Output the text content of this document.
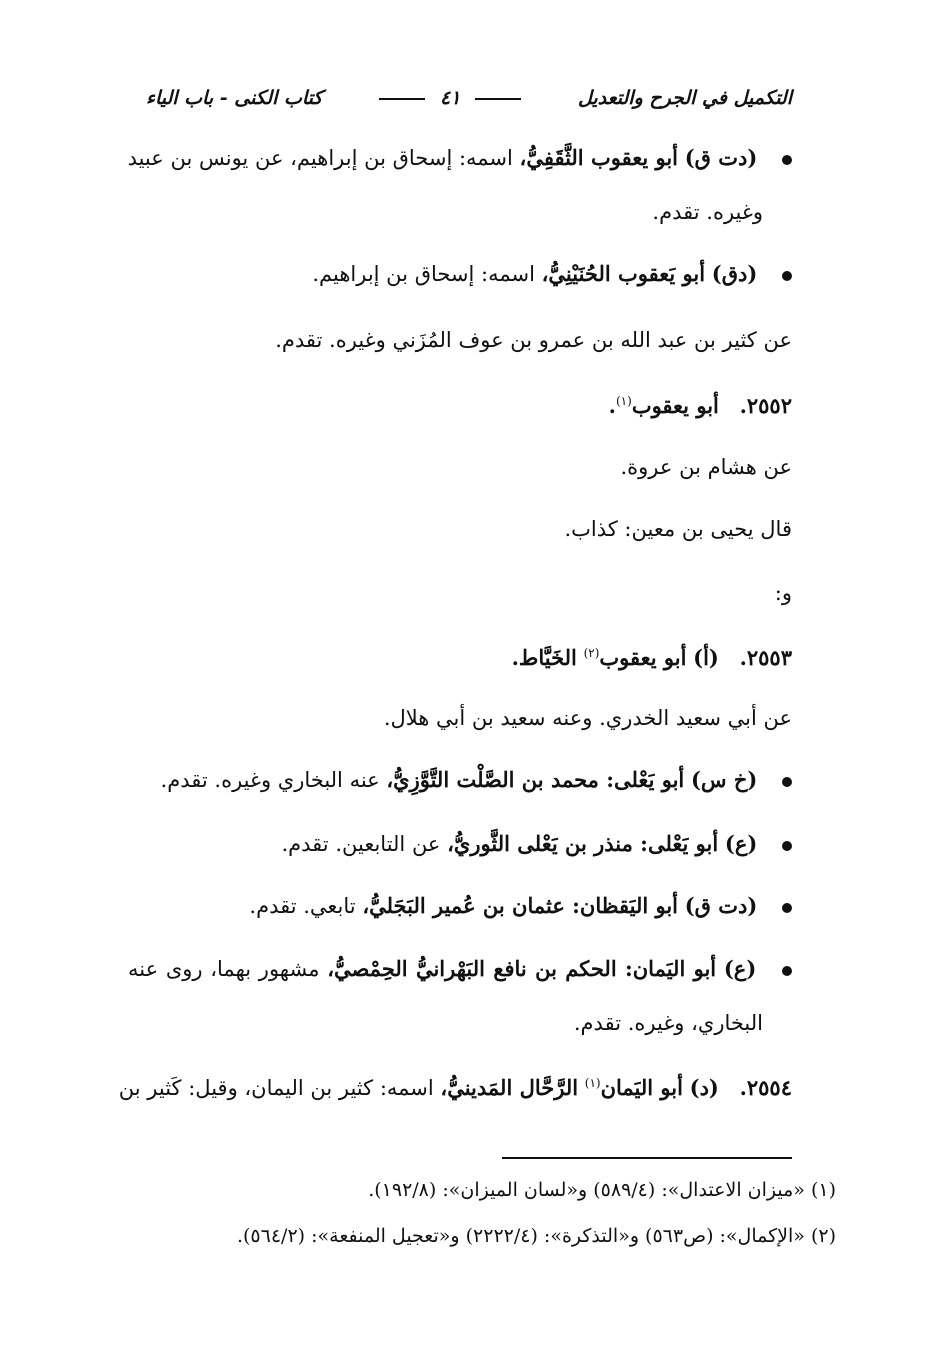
التكميل في الجرح والتعديل
٤١
كتاب الكنى - باب الياء
(دت ق) أبو يعقوب الثَّقَفِيُّ، اسمه: إسحاق بن إبراهيم، عن يونس بن عبيد
وغيره. تقدم.
(دق) أبو يَعقوب الحُنَيْنِيُّ، اسمه: إسحاق بن إبراهيم.
عن كثير بن عبد الله بن عمرو بن عوف المُزَني وغيره. تقدم.
٢٥٥٢. أبو يعقوب$^{(١)}$.
عن هشام بن عروة.
قال يحيى بن معين: كذاب.
و:
٢٥٥٣. (أ) أبو يعقوب$^{(٢)}$ الخَيَّاط.
عن أبي سعيد الخدري. وعنه سعيد بن أبي هلال.
(خ س) أبو يَعْلى: محمد بن الصَّلْت التَّوَّزِيُّ، عنه البخاري وغيره. تقدم.
(ع) أبو يَعْلى: منذر بن يَعْلى الثَّوريُّ، عن التابعين. تقدم.
(دت ق) أبو اليَقظان: عثمان بن عُمير البَجَليُّ، تابعي. تقدم.
(ع) أبو اليَمان: الحكم بن نافع البَهْرانيُّ الحِمْصيُّ، مشهور بهما، روى عنه
البخاري، وغيره. تقدم.
٢٥٥٤. (د) أبو اليَمان$^{(١)}$ الرَّحَّال المَدينيُّ، اسمه: كثير بن اليمان، وقيل: كَثير بن
(١) «ميزان الاعتدال»: (٥٨٩/٤) و«لسان الميزان»: (١٩٢/٨).
(٢) «الإكمال»: (ص٥٦٣) و«التذكرة»: (٢٢٢٢/٤) و«تعجيل المنفعة»: (٥٦٤/٢).
